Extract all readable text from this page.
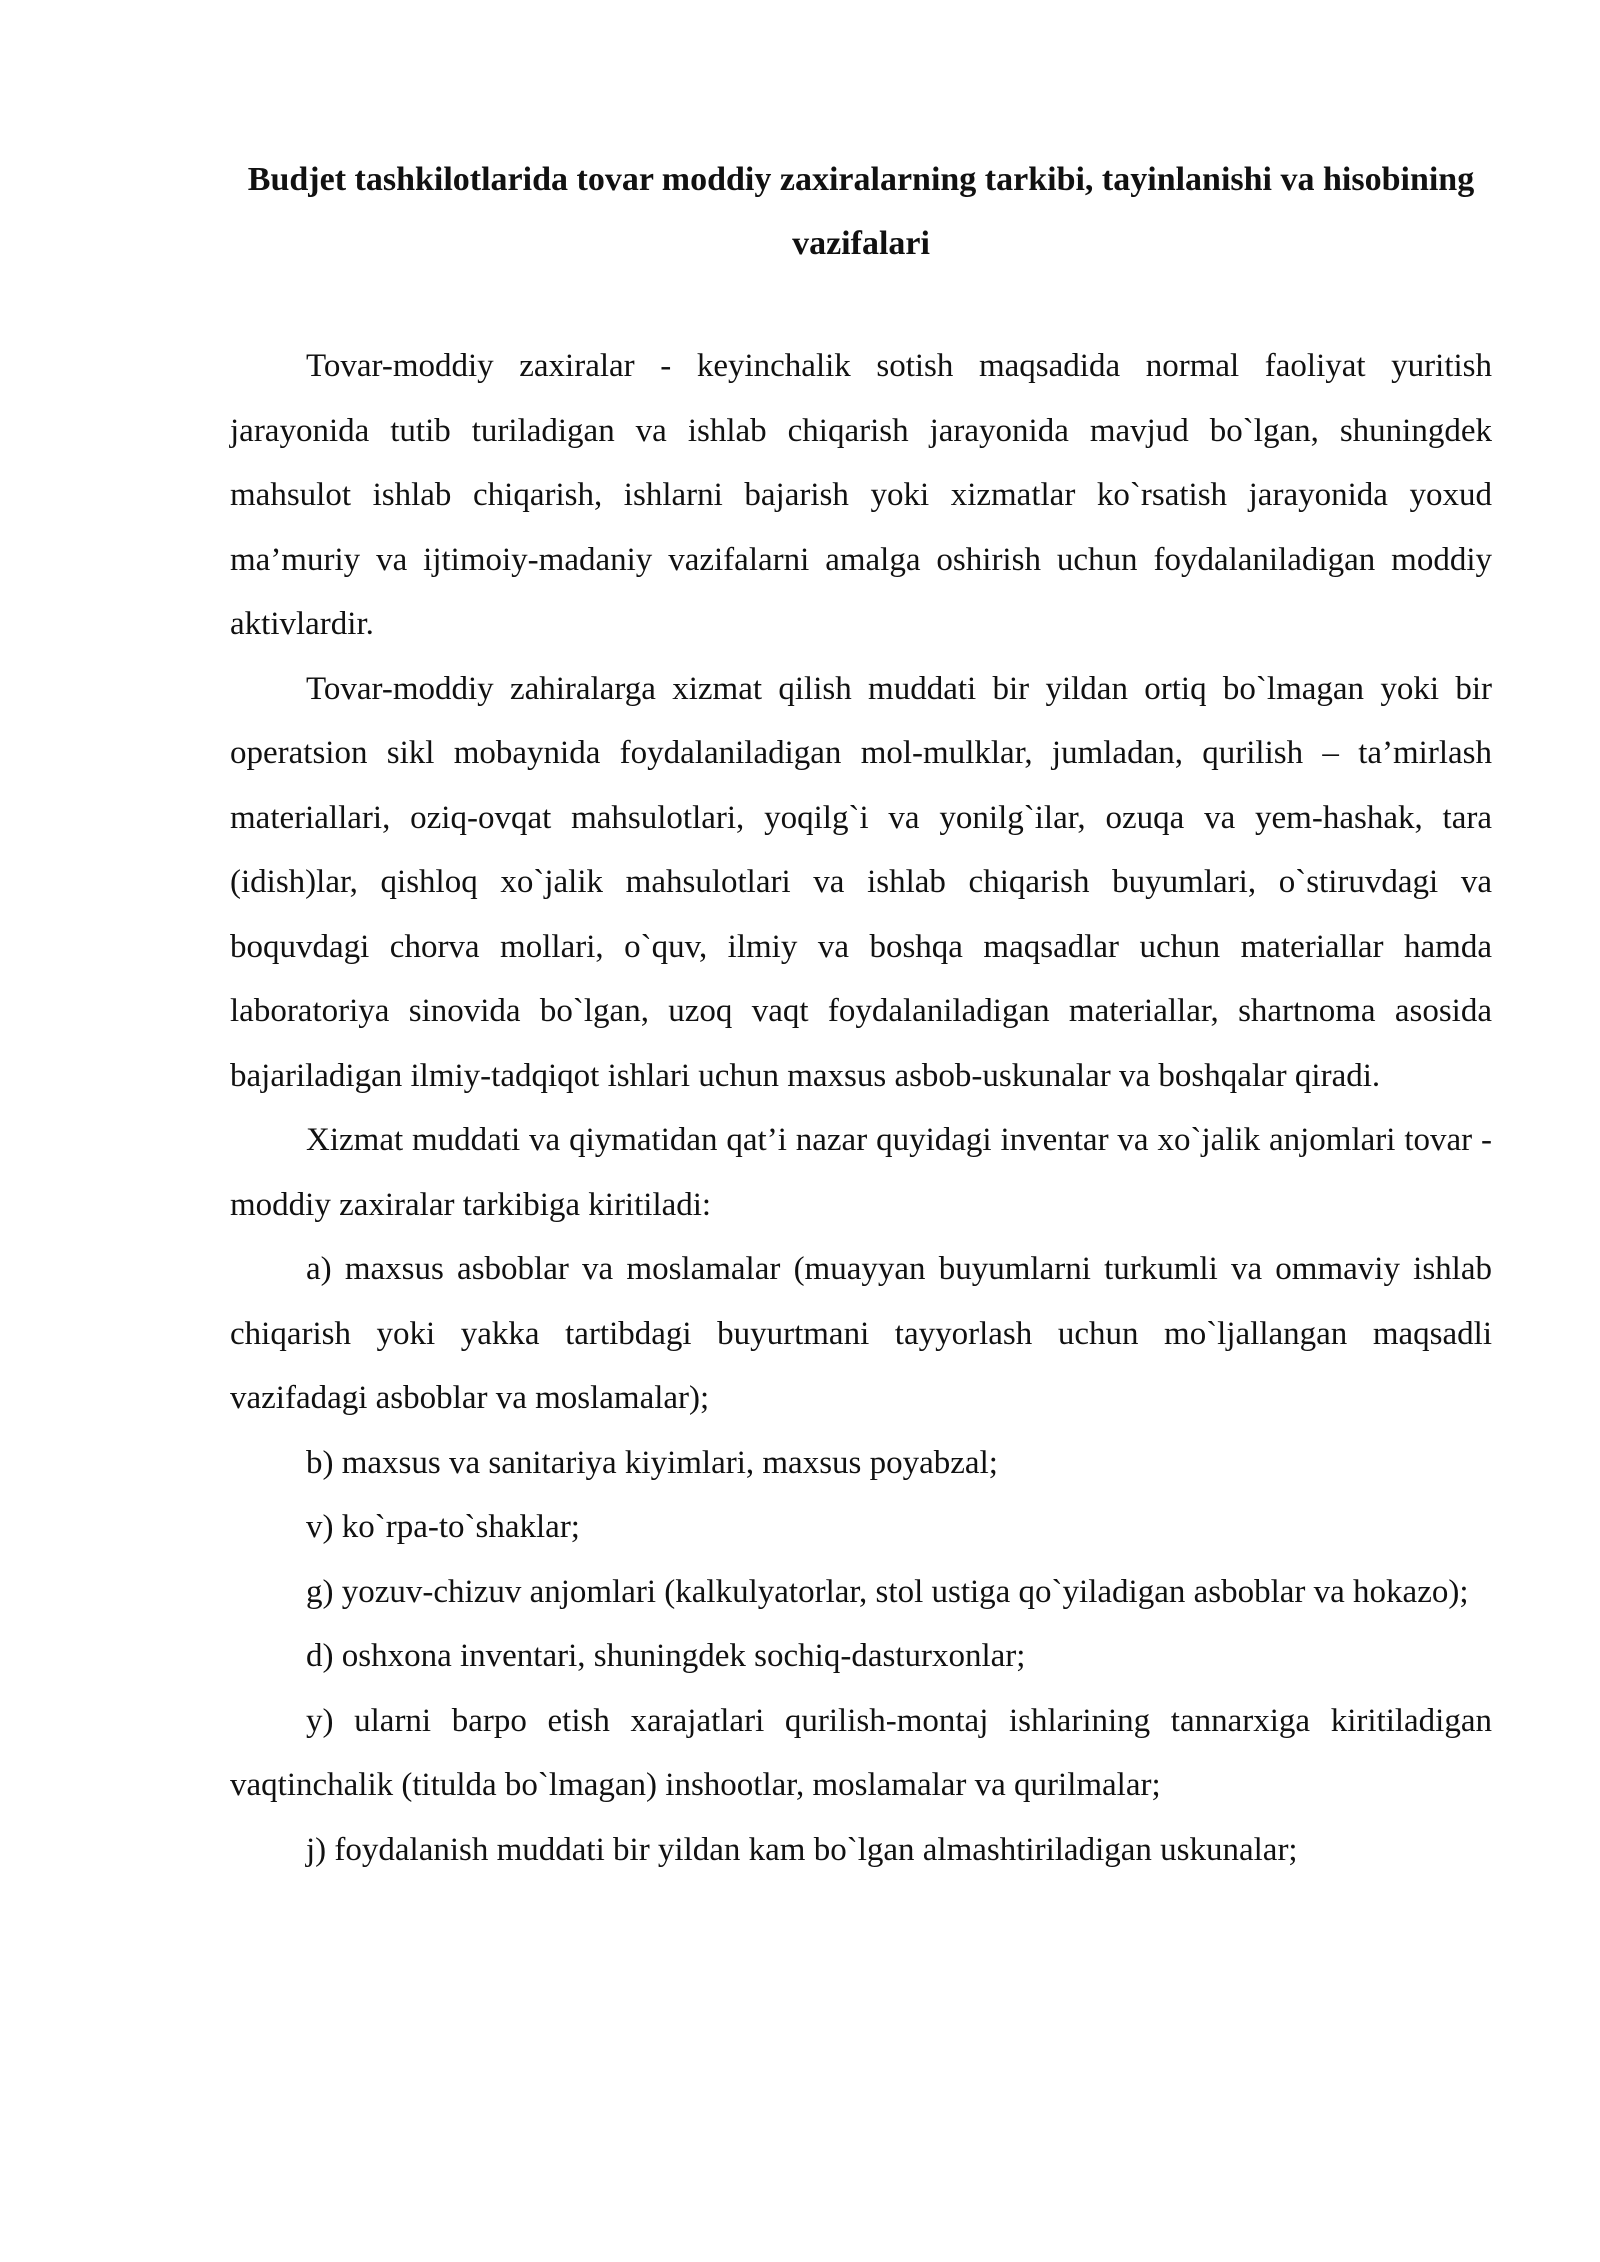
Budjet tashkilotlarida tovar moddiy zaxiralarning tarkibi, tayinlanishi va hisobining vazifalari

Tovar-moddiy zaxiralar - keyinchalik sotish maqsadida normal faoliyat yuritish jarayonida tutib turiladigan va ishlab chiqarish jarayonida mavjud bo`lgan, shuningdek mahsulot ishlab chiqarish, ishlarni bajarish yoki xizmatlar ko`rsatish jarayonida yoxud ma’muriy va ijtimoiy-madaniy vazifalarni amalga oshirish uchun foydalaniladigan moddiy aktivlardir.

Tovar-moddiy zahiralarga xizmat qilish muddati bir yildan ortiq bo`lmagan yoki bir operatsion sikl mobaynida foydalaniladigan mol-mulklar, jumladan, qurilish – ta’mirlash materiallari, oziq-ovqat mahsulotlari, yoqilg`i va yonilg`ilar, ozuqa va yem-hashak, tara (idish)lar, qishloq xo`jalik mahsulotlari va ishlab chiqarish buyumlari, o`stiruvdagi va boquvdagi chorva mollari, o`quv, ilmiy va boshqa maqsadlar uchun materiallar hamda laboratoriya sinovida bo`lgan, uzoq vaqt foydalaniladigan materiallar, shartnoma asosida bajariladigan ilmiy-tadqiqot ishlari uchun maxsus asbob-uskunalar va boshqalar qiradi.

Xizmat muddati va qiymatidan qat’i nazar quyidagi inventar va xo`jalik anjomlari tovar - moddiy zaxiralar tarkibiga kiritiladi:

a) maxsus asboblar va moslamalar (muayyan buyumlarni turkumli va ommaviy ishlab chiqarish yoki yakka tartibdagi buyurtmani tayyorlash uchun mo`ljallangan maqsadli vazifadagi asboblar va moslamalar);

b) maxsus va sanitariya kiyimlari, maxsus poyabzal;

v) ko`rpa-to`shaklar;

g) yozuv-chizuv anjomlari (kalkulyatorlar, stol ustiga qo`yiladigan asboblar va hokazo);

d) oshxona inventari, shuningdek sochiq-dasturxonlar;

y) ularni barpo etish xarajatlari qurilish-montaj ishlarining tannarxiga kiritiladigan vaqtinchalik (titulda bo`lmagan) inshootlar, moslamalar va qurilmalar;

j) foydalanish muddati bir yildan kam bo`lgan almashtiriladigan uskunalar;
